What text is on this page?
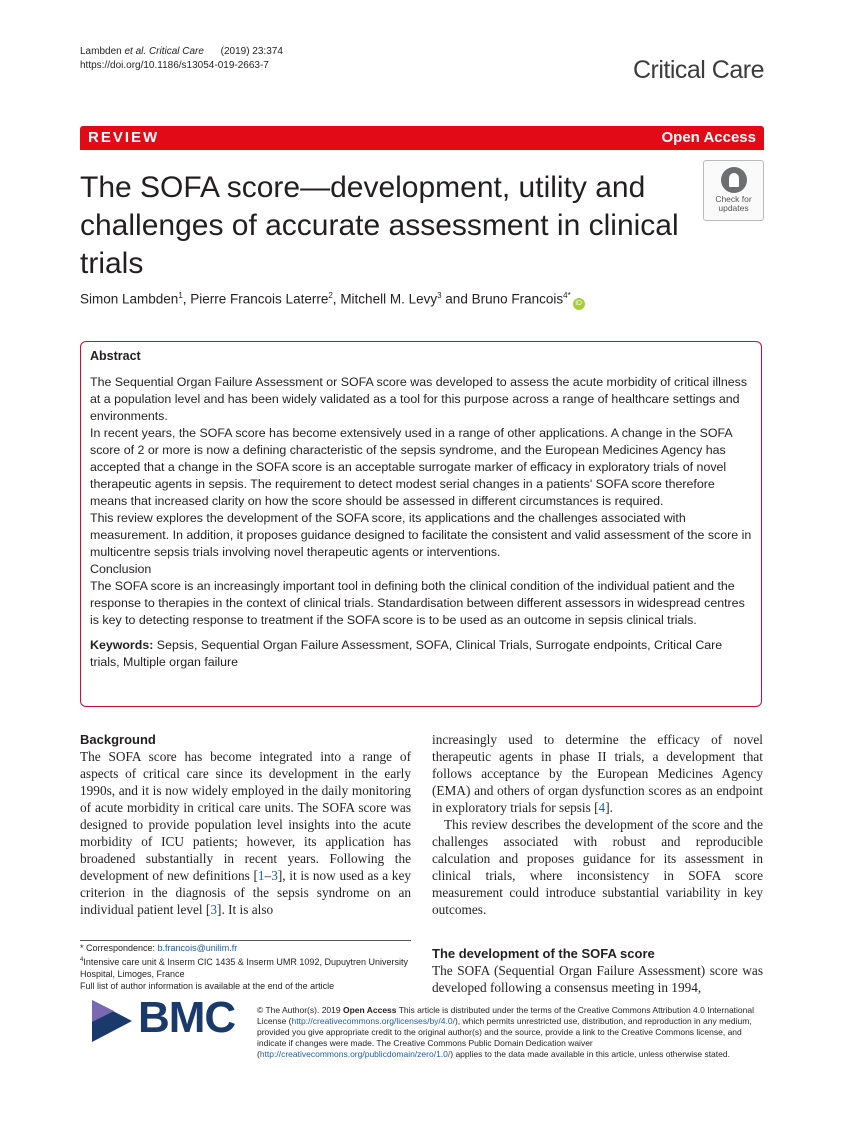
Lambden et al. Critical Care (2019) 23:374
https://doi.org/10.1186/s13054-019-2663-7	Critical Care
REVIEW	Open Access
The SOFA score—development, utility and challenges of accurate assessment in clinical trials
Check for
updates
Simon Lambden$^1$, Pierre Francois Laterre$^2$, Mitchell M. Levy$^3$ and Bruno Francois$^{4*}$iD
Abstract

The Sequential Organ Failure Assessment or SOFA score was developed to assess the acute morbidity of critical illness at a population level and has been widely validated as a tool for this purpose across a range of healthcare settings and environments.

In recent years, the SOFA score has become extensively used in a range of other applications. A change in the SOFA score of 2 or more is now a defining characteristic of the sepsis syndrome, and the European Medicines Agency has accepted that a change in the SOFA score is an acceptable surrogate marker of efficacy in exploratory trials of novel therapeutic agents in sepsis. The requirement to detect modest serial changes in a patients' SOFA score therefore means that increased clarity on how the score should be assessed in different circumstances is required.

This review explores the development of the SOFA score, its applications and the challenges associated with measurement. In addition, it proposes guidance designed to facilitate the consistent and valid assessment of the score in multicentre sepsis trials involving novel therapeutic agents or interventions.

Conclusion

The SOFA score is an increasingly important tool in defining both the clinical condition of the individual patient and the response to therapies in the context of clinical trials. Standardisation between different assessors in widespread centres is key to detecting response to treatment if the SOFA score is to be used as an outcome in sepsis clinical trials.

Keywords: Sepsis, Sequential Organ Failure Assessment, SOFA, Clinical Trials, Surrogate endpoints, Critical Care trials, Multiple organ failure

Background

The SOFA score has become integrated into a range of aspects of critical care since its development in the early 1990s, and it is now widely employed in the daily monitoring of acute morbidity in critical care units. The SOFA score was designed to provide population level insights into the acute morbidity of ICU patients; however, its application has broadened substantially in recent years. Following the development of new definitions [1–3], it is now used as a key criterion in the diagnosis of the sepsis syndrome on an individual patient level [3]. It is also

increasingly used to determine the efficacy of novel therapeutic agents in phase II trials, a development that follows acceptance by the European Medicines Agency (EMA) and others of organ dysfunction scores as an endpoint in exploratory trials for sepsis [4].

This review describes the development of the score and the challenges associated with robust and reproducible calculation and proposes guidance for its assessment in clinical trials, where inconsistency in SOFA score measurement could introduce substantial variability in key outcomes.

The development of the SOFA score

The SOFA (Sequential Organ Failure Assessment) score was developed following a consensus meeting in 1994,

* Correspondence: b.francois@unilim.fr
$^4$Intensive care unit & Inserm CIC 1435 & Inserm UMR 1092, Dupuytren University Hospital, Limoges, France
Full list of author information is available at the end of the article
BMC	© The Author(s). 2019 Open Access This article is distributed under the terms of the Creative Commons Attribution 4.0 International License (http://creativecommons.org/licenses/by/4.0/), which permits unrestricted use, distribution, and reproduction in any medium, provided you give appropriate credit to the original author(s) and the source, provide a link to the Creative Commons license, and indicate if changes were made. The Creative Commons Public Domain Dedication waiver (http://creativecommons.org/publicdomain/zero/1.0/) applies to the data made available in this article, unless otherwise stated.
